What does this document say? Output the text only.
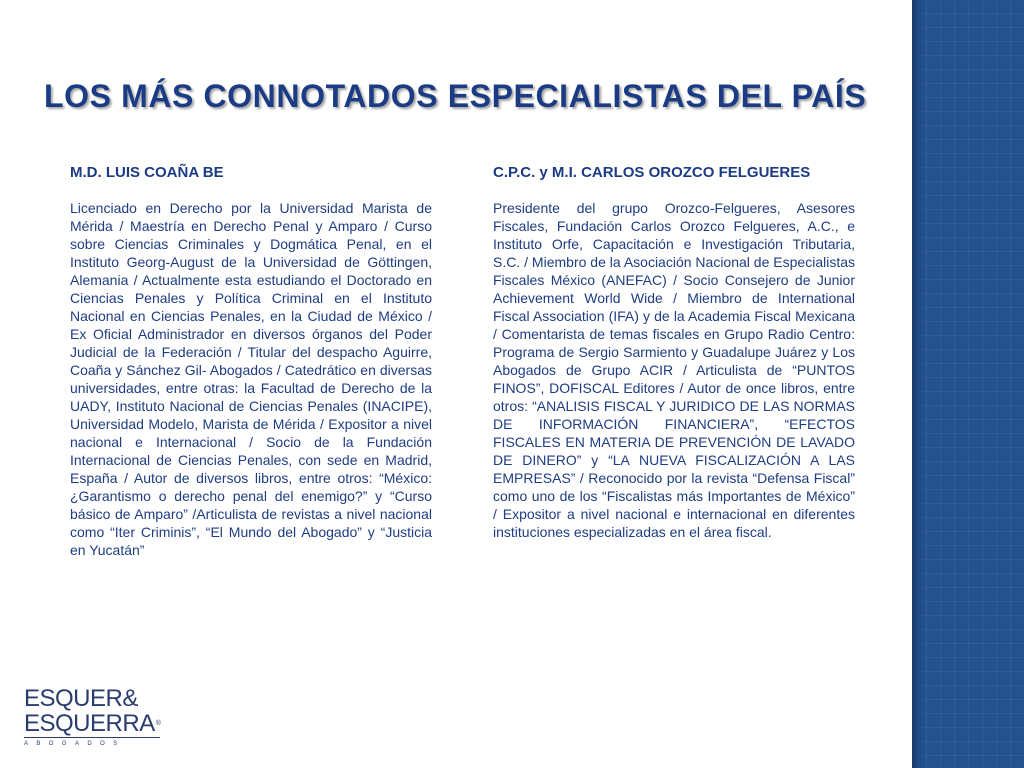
LOS MÁS CONNOTADOS ESPECIALISTAS DEL PAÍS
M.D. LUIS COAÑA BE

Licenciado en Derecho por la Universidad Marista de Mérida / Maestría en Derecho Penal y Amparo / Curso sobre Ciencias Criminales y Dogmática Penal, en el Instituto Georg-August de la Universidad de Göttingen, Alemania / Actualmente esta estudiando el Doctorado en Ciencias Penales y Política Criminal en el Instituto Nacional en Ciencias Penales, en la Ciudad de México / Ex Oficial Administrador en diversos órganos del Poder Judicial de la Federación / Titular del despacho Aguirre, Coaña y Sánchez Gil- Abogados / Catedrático en diversas universidades, entre otras: la Facultad de Derecho de la UADY, Instituto Nacional de Ciencias Penales (INACIPE), Universidad Modelo, Marista de Mérida / Expositor a nivel nacional e Internacional / Socio de la Fundación Internacional de Ciencias Penales, con sede en Madrid, España / Autor de diversos libros, entre otros: “México: ¿Garantismo o derecho penal del enemigo?” y “Curso básico de Amparo” /Articulista de revistas a nivel nacional como “Iter Criminis”, “El Mundo del Abogado” y “Justicia en Yucatán”

C.P.C. y M.I. CARLOS OROZCO FELGUERES

Presidente del grupo Orozco-Felgueres, Asesores Fiscales, Fundación Carlos Orozco Felgueres, A.C., e Instituto Orfe, Capacitación e Investigación Tributaria, S.C. / Miembro de la Asociación Nacional de Especialistas Fiscales México (ANEFAC) / Socio Consejero de Junior Achievement World Wide / Miembro de International Fiscal Association (IFA) y de la Academia Fiscal Mexicana / Comentarista de temas fiscales en Grupo Radio Centro: Programa de Sergio Sarmiento y Guadalupe Juárez y Los Abogados de Grupo ACIR / Articulista de “PUNTOS FINOS”, DOFISCAL Editores / Autor de once libros, entre otros: “ANALISIS FISCAL Y JURIDICO DE LAS NORMAS DE INFORMACIÓN FINANCIERA”, “EFECTOS FISCALES EN MATERIA DE PREVENCIÓN DE LAVADO DE DINERO” y “LA NUEVA FISCALIZACIÓN A LAS EMPRESAS” / Reconocido por la revista “Defensa Fiscal” como uno de los “Fiscalistas más Importantes de México” / Expositor a nivel nacional e internacional en diferentes instituciones especializadas en el área fiscal.

ESQUER&
ESQUERRA®
ABOGADOS
